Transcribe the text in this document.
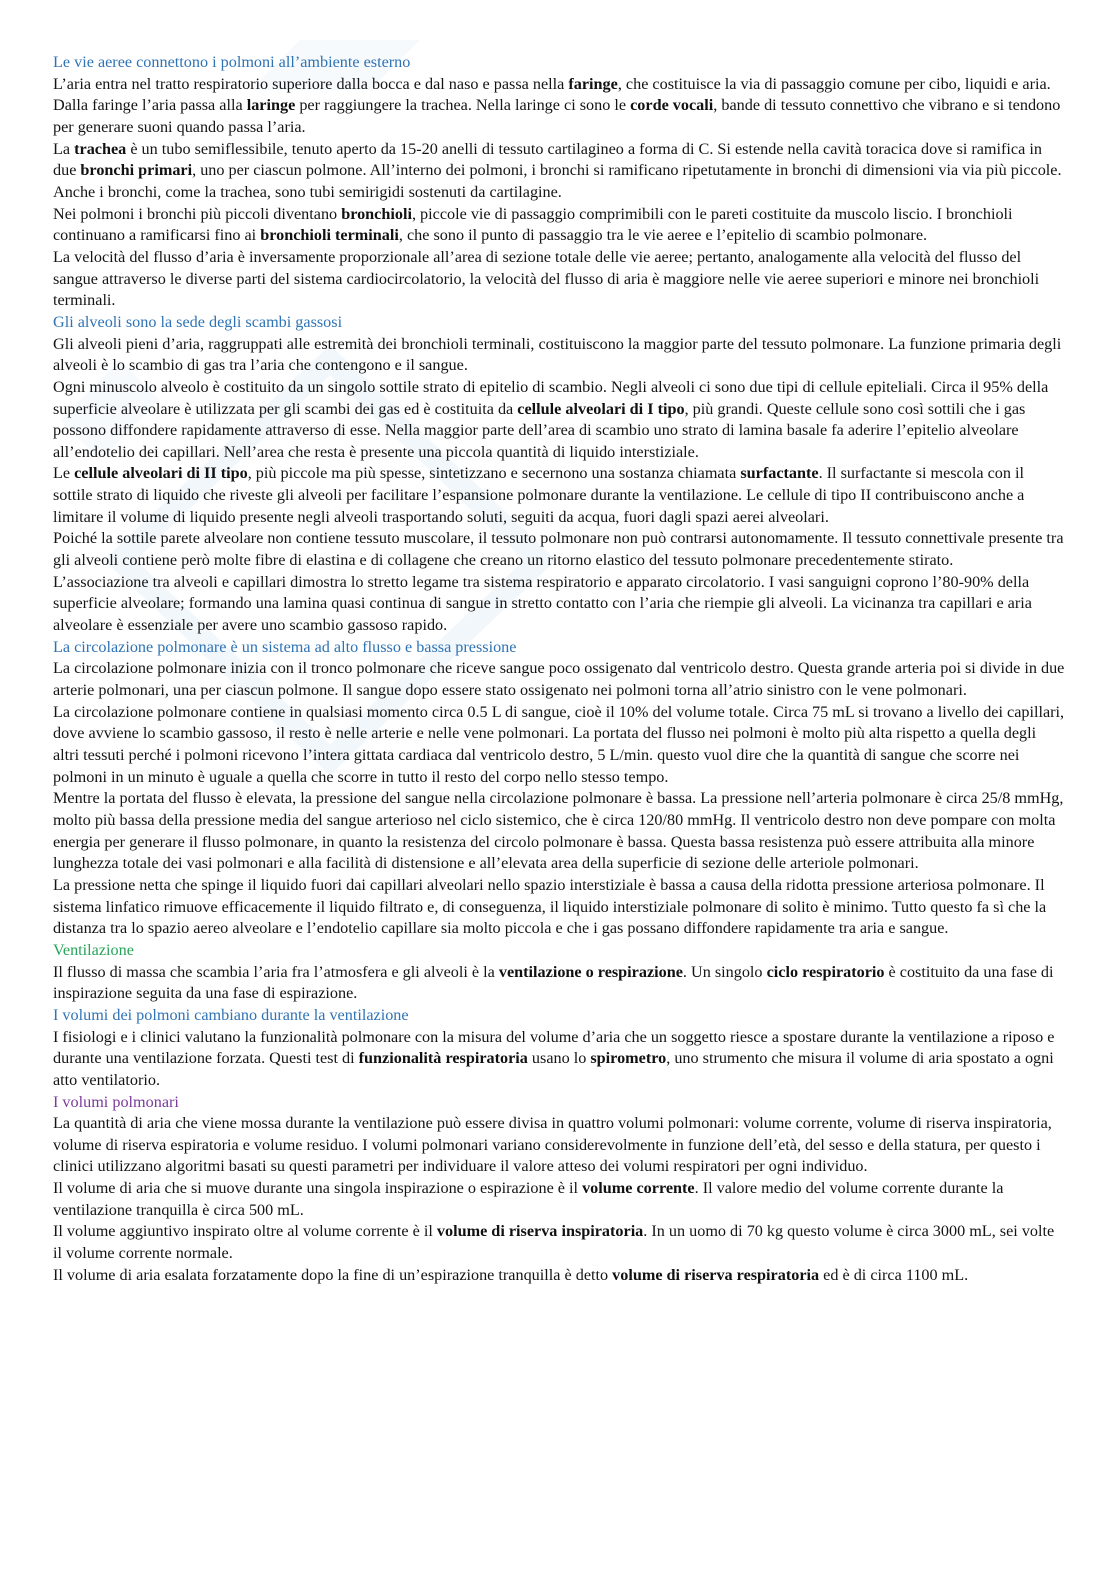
Le vie aeree connettono i polmoni all’ambiente esterno
L’aria entra nel tratto respiratorio superiore dalla bocca e dal naso e passa nella faringe, che costituisce la via di passaggio comune per cibo, liquidi e aria. Dalla faringe l’aria passa alla laringe per raggiungere la trachea. Nella laringe ci sono le corde vocali, bande di tessuto connettivo che vibrano e si tendono per generare suoni quando passa l’aria.
La trachea è un tubo semiflessibile, tenuto aperto da 15-20 anelli di tessuto cartilagineo a forma di C. Si estende nella cavità toracica dove si ramifica in due bronchi primari, uno per ciascun polmone. All’interno dei polmoni, i bronchi si ramificano ripetutamente in bronchi di dimensioni via via più piccole. Anche i bronchi, come la trachea, sono tubi semirigidi sostenuti da cartilagine.
Nei polmoni i bronchi più piccoli diventano bronchioli, piccole vie di passaggio comprimibili con le pareti costituite da muscolo liscio. I bronchioli continuano a ramificarsi fino ai bronchioli terminali, che sono il punto di passaggio tra le vie aeree e l’epitelio di scambio polmonare.
La velocità del flusso d’aria è inversamente proporzionale all’area di sezione totale delle vie aeree; pertanto, analogamente alla velocità del flusso del sangue attraverso le diverse parti del sistema cardiocircolatorio, la velocità del flusso di aria è maggiore nelle vie aeree superiori e minore nei bronchioli terminali.
Gli alveoli sono la sede degli scambi gassosi
Gli alveoli pieni d’aria, raggruppati alle estremità dei bronchioli terminali, costituiscono la maggior parte del tessuto polmonare. La funzione primaria degli alveoli è lo scambio di gas tra l’aria che contengono e il sangue.
Ogni minuscolo alveolo è costituito da un singolo sottile strato di epitelio di scambio. Negli alveoli ci sono due tipi di cellule epiteliali. Circa il 95% della superficie alveolare è utilizzata per gli scambi dei gas ed è costituita da cellule alveolari di I tipo, più grandi. Queste cellule sono così sottili che i gas possono diffondere rapidamente attraverso di esse. Nella maggior parte dell’area di scambio uno strato di lamina basale fa aderire l’epitelio alveolare all’endotelio dei capillari. Nell’area che resta è presente una piccola quantità di liquido interstiziale.
Le cellule alveolari di II tipo, più piccole ma più spesse, sintetizzano e secernono una sostanza chiamata surfactante. Il surfactante si mescola con il sottile strato di liquido che riveste gli alveoli per facilitare l’espansione polmonare durante la ventilazione. Le cellule di tipo II contribuiscono anche a limitare il volume di liquido presente negli alveoli trasportando soluti, seguiti da acqua, fuori dagli spazi aerei alveolari.
Poiché la sottile parete alveolare non contiene tessuto muscolare, il tessuto polmonare non può contrarsi autonomamente. Il tessuto connettivale presente tra gli alveoli contiene però molte fibre di elastina e di collagene che creano un ritorno elastico del tessuto polmonare precedentemente stirato.
L’associazione tra alveoli e capillari dimostra lo stretto legame tra sistema respiratorio e apparato circolatorio. I vasi sanguigni coprono l’80-90% della superficie alveolare; formando una lamina quasi continua di sangue in stretto contatto con l’aria che riempie gli alveoli. La vicinanza tra capillari e aria alveolare è essenziale per avere uno scambio gassoso rapido.
La circolazione polmonare è un sistema ad alto flusso e bassa pressione
La circolazione polmonare inizia con il tronco polmonare che riceve sangue poco ossigenato dal ventricolo destro. Questa grande arteria poi si divide in due arterie polmonari, una per ciascun polmone. Il sangue dopo essere stato ossigenato nei polmoni torna all’atrio sinistro con le vene polmonari.
La circolazione polmonare contiene in qualsiasi momento circa 0.5 L di sangue, cioè il 10% del volume totale. Circa 75 mL si trovano a livello dei capillari, dove avviene lo scambio gassoso, il resto è nelle arterie e nelle vene polmonari. La portata del flusso nei polmoni è molto più alta rispetto a quella degli altri tessuti perché i polmoni ricevono l’intera gittata cardiaca dal ventricolo destro, 5 L/min. questo vuol dire che la quantità di sangue che scorre nei polmoni in un minuto è uguale a quella che scorre in tutto il resto del corpo nello stesso tempo.
Mentre la portata del flusso è elevata, la pressione del sangue nella circolazione polmonare è bassa. La pressione nell’arteria polmonare è circa 25/8 mmHg, molto più bassa della pressione media del sangue arterioso nel ciclo sistemico, che è circa 120/80 mmHg. Il ventricolo destro non deve pompare con molta energia per generare il flusso polmonare, in quanto la resistenza del circolo polmonare è bassa. Questa bassa resistenza può essere attribuita alla minore lunghezza totale dei vasi polmonari e alla facilità di distensione e all’elevata area della superficie di sezione delle arteriole polmonari.
La pressione netta che spinge il liquido fuori dai capillari alveolari nello spazio interstiziale è bassa a causa della ridotta pressione arteriosa polmonare. Il sistema linfatico rimuove efficacemente il liquido filtrato e, di conseguenza, il liquido interstiziale polmonare di solito è minimo. Tutto questo fa sì che la distanza tra lo spazio aereo alveolare e l’endotelio capillare sia molto piccola e che i gas possano diffondere rapidamente tra aria e sangue.
Ventilazione
Il flusso di massa che scambia l’aria fra l’atmosfera e gli alveoli è la ventilazione o respirazione. Un singolo ciclo respiratorio è costituito da una fase di inspirazione seguita da una fase di espirazione.
I volumi dei polmoni cambiano durante la ventilazione
I fisiologi e i clinici valutano la funzionalità polmonare con la misura del volume d’aria che un soggetto riesce a spostare durante la ventilazione a riposo e durante una ventilazione forzata. Questi test di funzionalità respiratoria usano lo spirometro, uno strumento che misura il volume di aria spostato a ogni atto ventilatorio.
I volumi polmonari
La quantità di aria che viene mossa durante la ventilazione può essere divisa in quattro volumi polmonari: volume corrente, volume di riserva inspiratoria, volume di riserva espiratoria e volume residuo. I volumi polmonari variano considerevolmente in funzione dell’età, del sesso e della statura, per questo i clinici utilizzano algoritmi basati su questi parametri per individuare il valore atteso dei volumi respiratori per ogni individuo.
Il volume di aria che si muove durante una singola inspirazione o espirazione è il volume corrente. Il valore medio del volume corrente durante la ventilazione tranquilla è circa 500 mL.
Il volume aggiuntivo inspirato oltre al volume corrente è il volume di riserva inspiratoria. In un uomo di 70 kg questo volume è circa 3000 mL, sei volte il volume corrente normale.
Il volume di aria esalata forzatamente dopo la fine di un’espirazione tranquilla è detto volume di riserva respiratoria ed è di circa 1100 mL.
